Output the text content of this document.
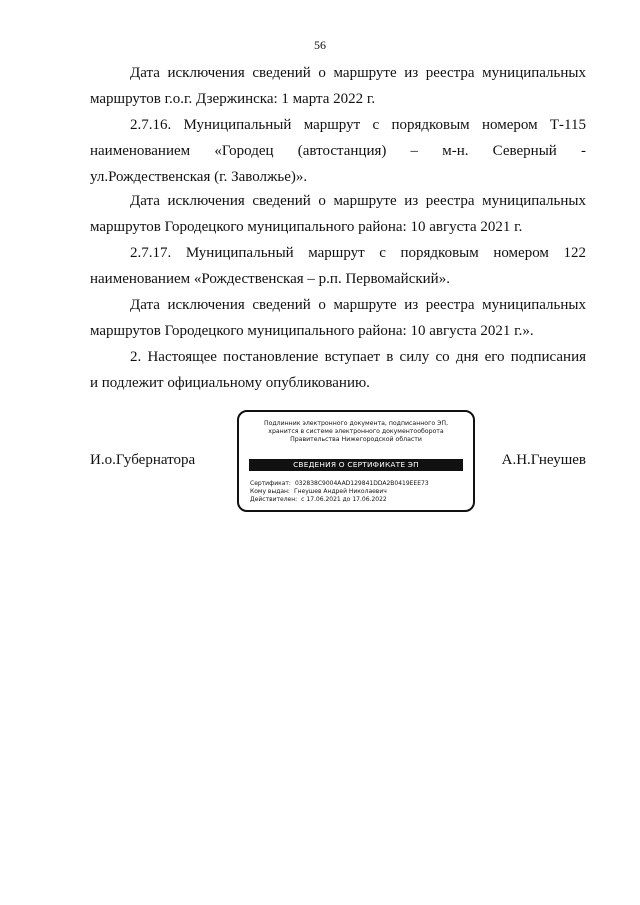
56
Дата исключения сведений о маршруте из реестра муниципальных
маршрутов г.о.г. Дзержинска: 1 марта 2022 г.
2.7.16. Муниципальный маршрут с порядковым номером Т-115
наименованием «Городец (автостанция) – м-н. Северный -
ул.Рождественская (г. Заволжье)».
Дата исключения сведений о маршруте из реестра муниципальных
маршрутов Городецкого муниципального района: 10 августа 2021 г.
2.7.17. Муниципальный маршрут с порядковым номером 122
наименованием «Рождественская – р.п. Первомайский».
Дата исключения сведений о маршруте из реестра муниципальных
маршрутов Городецкого муниципального района: 10 августа 2021 г.».
2. Настоящее постановление вступает в силу со дня его подписания
и подлежит официальному опубликованию.
И.о.Губернатора
Подлинник электронного документа, подписанного ЭП,
хранится в системе электронного документооборота
Правительства Нижегородской области
СВЕДЕНИЯ О СЕРТИФИКАТЕ ЭП
Сертификат: 032838C9004AAD129841DDA2B0419EEE73
Кому выдан: Гнеушев Андрей Николаевич
Действителен: с 17.06.2021 до 17.06.2022
А.Н.Гнеушев
